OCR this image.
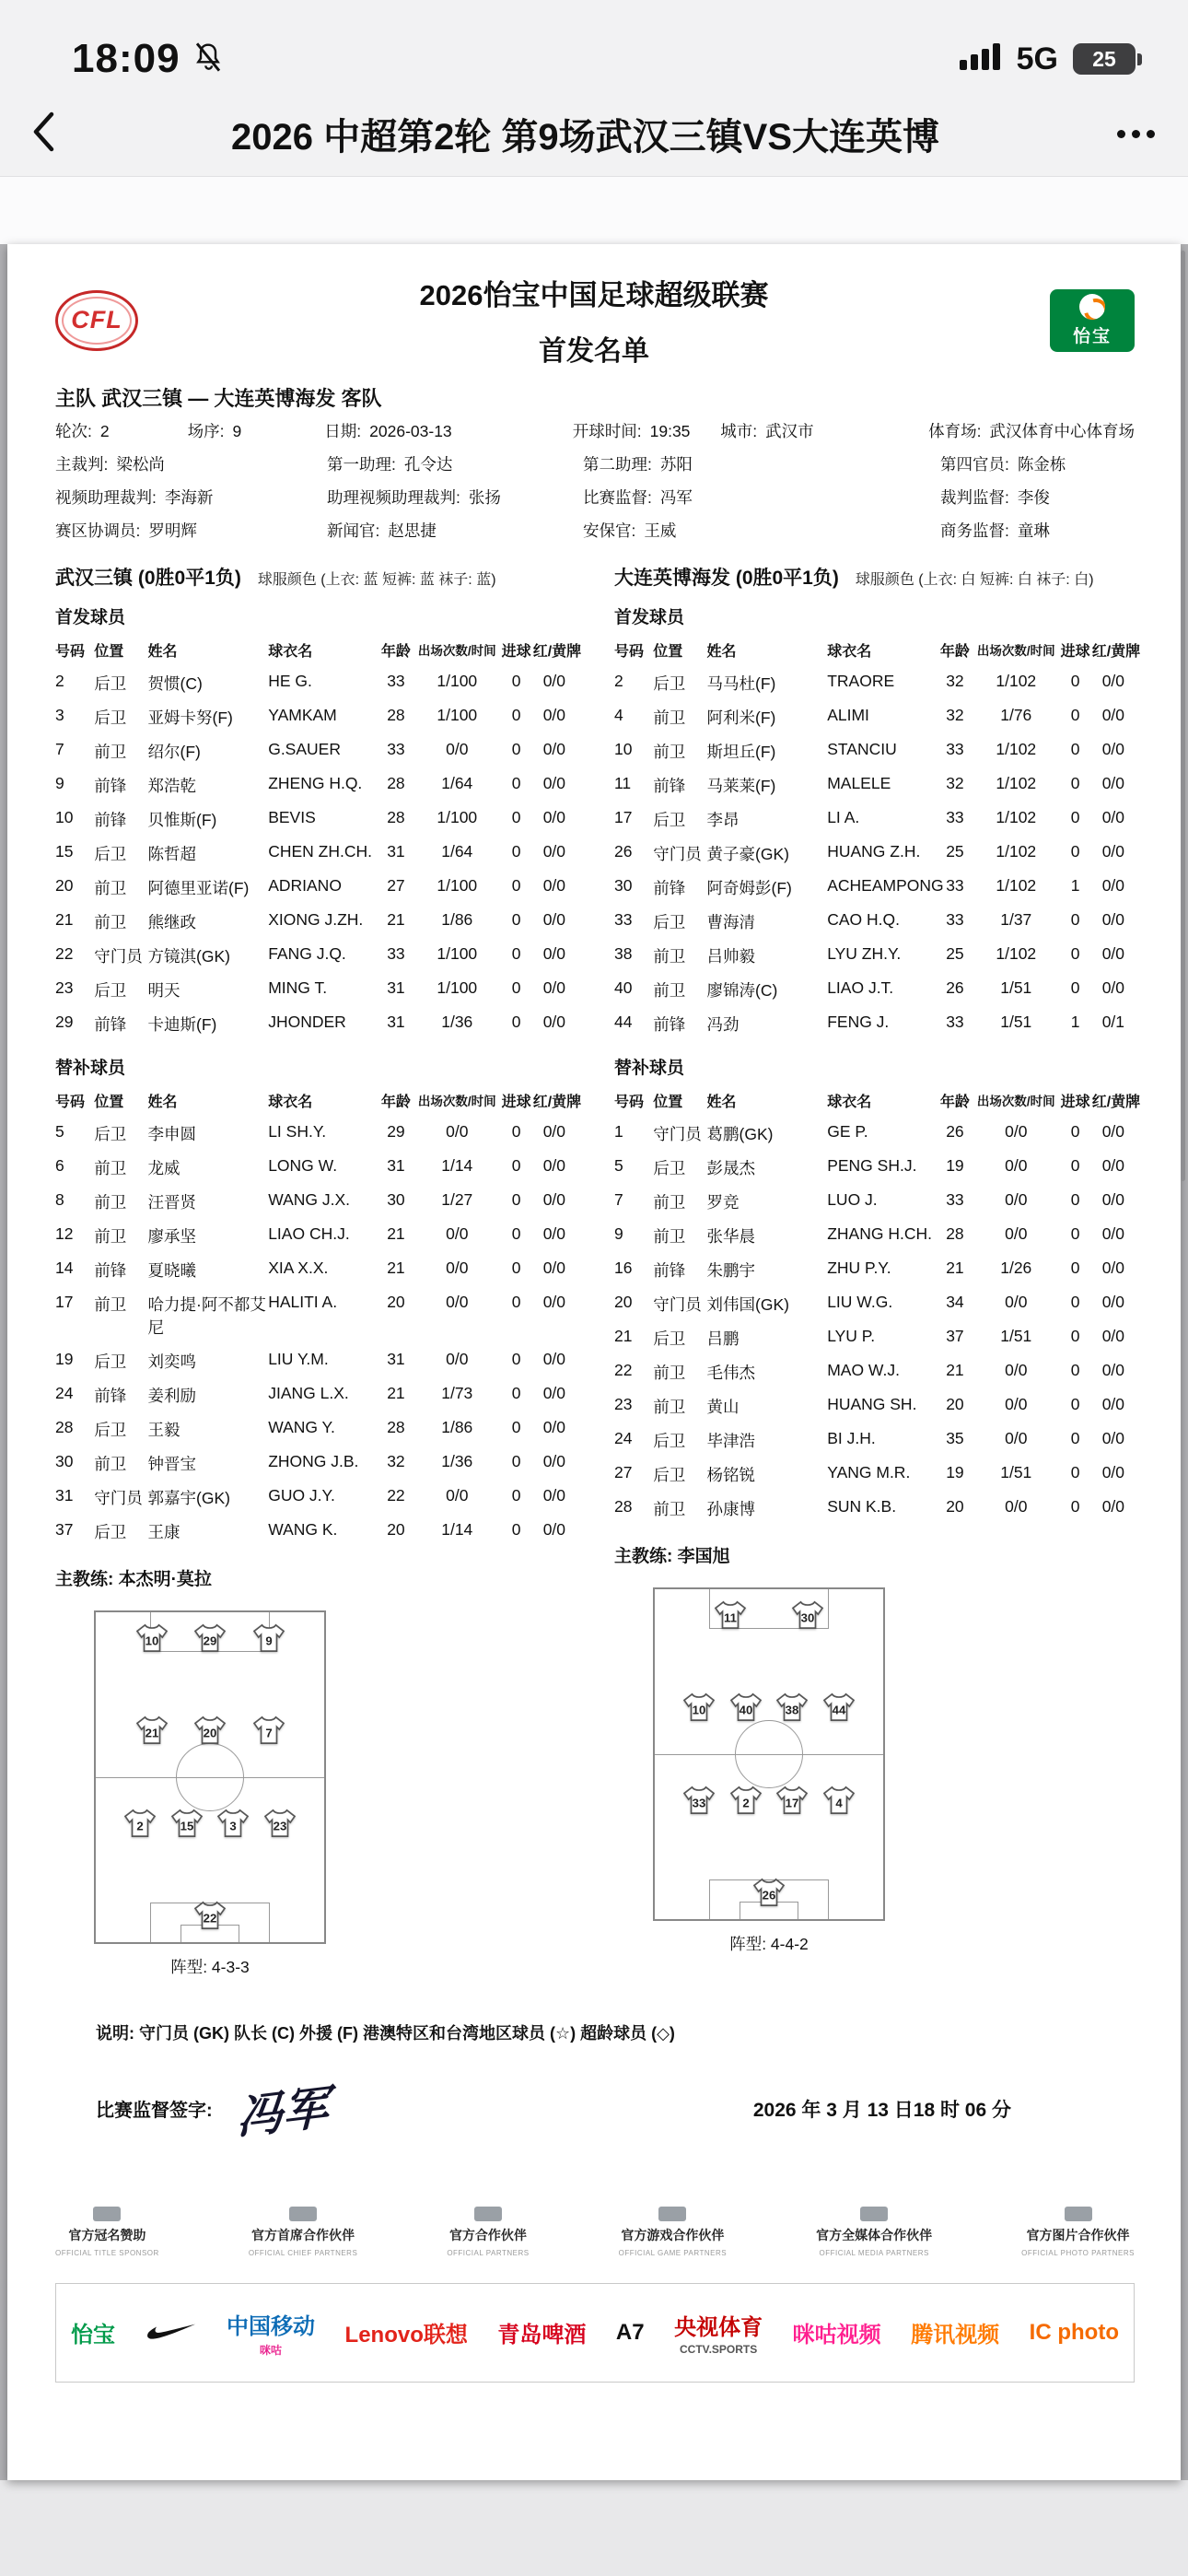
18:09	5G 25
2026 中超第2轮 第9场武汉三镇VS大连英博
CFL
2026怡宝中国足球超级联赛
首发名单	怡宝
主队 武汉三镇 — 大连英博海发 客队
轮次: 2	场序: 9	日期: 2026-03-13	开球时间: 19:35 城市: 武汉市	体育场: 武汉体育中心体育场
主裁判: 梁松尚	第一助理: 孔令达	第二助理: 苏阳	第四官员: 陈金栋
视频助理裁判: 李海新	助理视频助理裁判: 张扬	比赛监督: 冯军	裁判监督: 李俊
赛区协调员: 罗明辉	新闻官: 赵思捷	安保官: 王威	商务监督: 童琳
武汉三镇 (0胜0平1负) 球服颜色 (上衣: 蓝 短裤: 蓝 袜子: 蓝)
首发球员
号码	位置	姓名	球衣名	年龄	出场次数/时间	进球	红/黄牌
2	后卫	贺惯(C)	HE G.	33	1/100	0	0/0
3	后卫	亚姆卡努(F)	YAMKAM	28	1/100	0	0/0
7	前卫	绍尔(F)	G.SAUER	33	0/0	0	0/0
9	前锋	郑浩乾	ZHENG H.Q.	28	1/64	0	0/0
10	前锋	贝惟斯(F)	BEVIS	28	1/100	0	0/0
15	后卫	陈哲超	CHEN ZH.CH.	31	1/64	0	0/0
20	前卫	阿德里亚诺(F)	ADRIANO	27	1/100	0	0/0
21	前卫	熊继政	XIONG J.ZH.	21	1/86	0	0/0
22	守门员	方镜淇(GK)	FANG J.Q.	33	1/100	0	0/0
23	后卫	明天	MING T.	31	1/100	0	0/0
29	前锋	卡迪斯(F)	JHONDER	31	1/36	0	0/0
替补球员
号码	位置	姓名	球衣名	年龄	出场次数/时间	进球	红/黄牌
5	后卫	李申圆	LI SH.Y.	29	0/0	0	0/0
6	前卫	龙威	LONG W.	31	1/14	0	0/0
8	前卫	汪晋贤	WANG J.X.	30	1/27	0	0/0
12	前卫	廖承坚	LIAO CH.J.	21	0/0	0	0/0
14	前锋	夏晓曦	XIA X.X.	21	0/0	0	0/0
17	前卫	哈力提·阿不都艾尼	HALITI A.	20	0/0	0	0/0
19	后卫	刘奕鸣	LIU Y.M.	31	0/0	0	0/0
24	前锋	姜利励	JIANG L.X.	21	1/73	0	0/0
28	后卫	王毅	WANG Y.	28	1/86	0	0/0
30	前卫	钟晋宝	ZHONG J.B.	32	1/36	0	0/0
31	守门员	郭嘉宇(GK)	GUO J.Y.	22	0/0	0	0/0
37	后卫	王康	WANG K.	20	1/14	0	0/0
主教练: 本杰明·莫拉
10	29	9
21	20	7
2	15	3	23
22
阵型: 4-3-3
大连英博海发 (0胜0平1负) 球服颜色 (上衣: 白 短裤: 白 袜子: 白)
首发球员
号码	位置	姓名	球衣名	年龄	出场次数/时间	进球	红/黄牌
2	后卫	马马杜(F)	TRAORE	32	1/102	0	0/0
4	前卫	阿利米(F)	ALIMI	32	1/76	0	0/0
10	前卫	斯坦丘(F)	STANCIU	33	1/102	0	0/0
11	前锋	马莱莱(F)	MALELE	32	1/102	0	0/0
17	后卫	李昂	LI A.	33	1/102	0	0/0
26	守门员	黄子豪(GK)	HUANG Z.H.	25	1/102	0	0/0
30	前锋	阿奇姆彭(F)	ACHEAMPONG	33	1/102	1	0/0
33	后卫	曹海清	CAO H.Q.	33	1/37	0	0/0
38	前卫	吕帅毅	LYU ZH.Y.	25	1/102	0	0/0
40	前卫	廖锦涛(C)	LIAO J.T.	26	1/51	0	0/0
44	前锋	冯劲	FENG J.	33	1/51	1	0/1
替补球员
号码	位置	姓名	球衣名	年龄	出场次数/时间	进球	红/黄牌
1	守门员	葛鹏(GK)	GE P.	26	0/0	0	0/0
5	后卫	彭晟杰	PENG SH.J.	19	0/0	0	0/0
7	前卫	罗竞	LUO J.	33	0/0	0	0/0
9	前卫	张华晨	ZHANG H.CH.	28	0/0	0	0/0
16	前锋	朱鹏宇	ZHU P.Y.	21	1/26	0	0/0
20	守门员	刘伟国(GK)	LIU W.G.	34	0/0	0	0/0
21	后卫	吕鹏	LYU P.	37	1/51	0	0/0
22	前卫	毛伟杰	MAO W.J.	21	0/0	0	0/0
23	前卫	黄山	HUANG SH.	20	0/0	0	0/0
24	后卫	毕津浩	BI J.H.	35	0/0	0	0/0
27	后卫	杨铭锐	YANG M.R.	19	1/51	0	0/0
28	前卫	孙康博	SUN K.B.	20	0/0	0	0/0
主教练: 李国旭
11	30
10	40	38	44
33	2	17	4
26
阵型: 4-4-2
说明: 守门员 (GK) 队长 (C) 外援 (F) 港澳特区和台湾地区球员 (☆) 超龄球员 (◇)
比赛监督签字: 冯军	2026 年 3 月 13 日18 时 06 分
官方冠名赞助
OFFICIAL TITLE SPONSOR
官方首席合作伙伴
OFFICIAL CHIEF PARTNERS
官方合作伙伴
OFFICIAL PARTNERS
官方游戏合作伙伴
OFFICIAL GAME PARTNERS
官方全媒体合作伙伴
OFFICIAL MEDIA PARTNERS
官方图片合作伙伴
OFFICIAL PHOTO PARTNERS
怡宝	中国移动
咪咕
Lenovo联想 青岛啤酒 A7 央视体育
CCTV.SPORTS
咪咕视频 腾讯视频 IC photo
